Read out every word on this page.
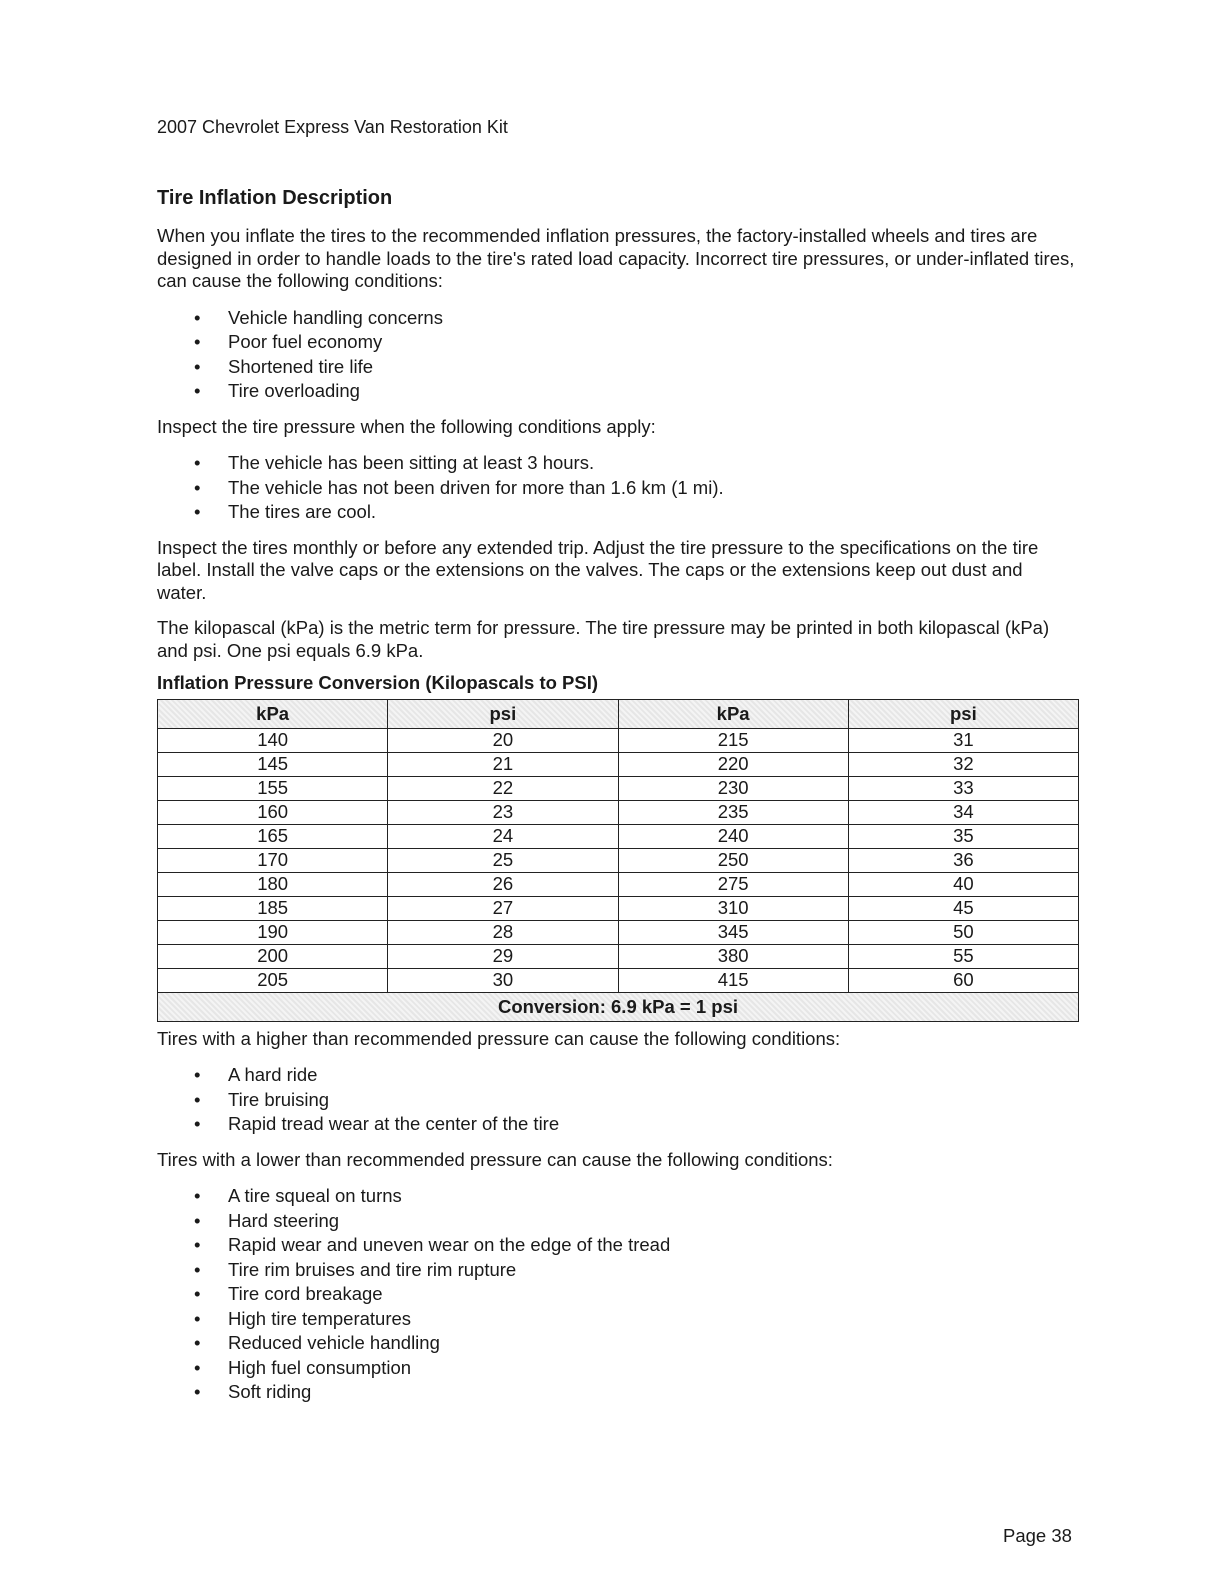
2007 Chevrolet Express Van Restoration Kit
Tire Inflation Description

When you inflate the tires to the recommended inflation pressures, the factory-installed wheels and tires are designed in order to handle loads to the tire's rated load capacity. Incorrect tire pressures, or under-inflated tires, can cause the following conditions:

• Vehicle handling concerns
• Poor fuel economy
• Shortened tire life
• Tire overloading

Inspect the tire pressure when the following conditions apply:

• The vehicle has been sitting at least 3 hours.
• The vehicle has not been driven for more than 1.6 km (1 mi).
• The tires are cool.

Inspect the tires monthly or before any extended trip. Adjust the tire pressure to the specifications on the tire label. Install the valve caps or the extensions on the valves. The caps or the extensions keep out dust and water.

The kilopascal (kPa) is the metric term for pressure. The tire pressure may be printed in both kilopascal (kPa) and psi. One psi equals 6.9 kPa.

Inflation Pressure Conversion (Kilopascals to PSI)
kPa	psi	kPa	psi
140	20	215	31
145	21	220	32
155	22	230	33
160	23	235	34
165	24	240	35
170	25	250	36
180	26	275	40
185	27	310	45
190	28	345	50
200	29	380	55
205	30	415	60
Conversion: 6.9 kPa = 1 psi			

Tires with a higher than recommended pressure can cause the following conditions:

• A hard ride
• Tire bruising
• Rapid tread wear at the center of the tire

Tires with a lower than recommended pressure can cause the following conditions:

• A tire squeal on turns
• Hard steering
• Rapid wear and uneven wear on the edge of the tread
• Tire rim bruises and tire rim rupture
• Tire cord breakage
• High tire temperatures
• Reduced vehicle handling
• High fuel consumption
• Soft riding
Page 38
